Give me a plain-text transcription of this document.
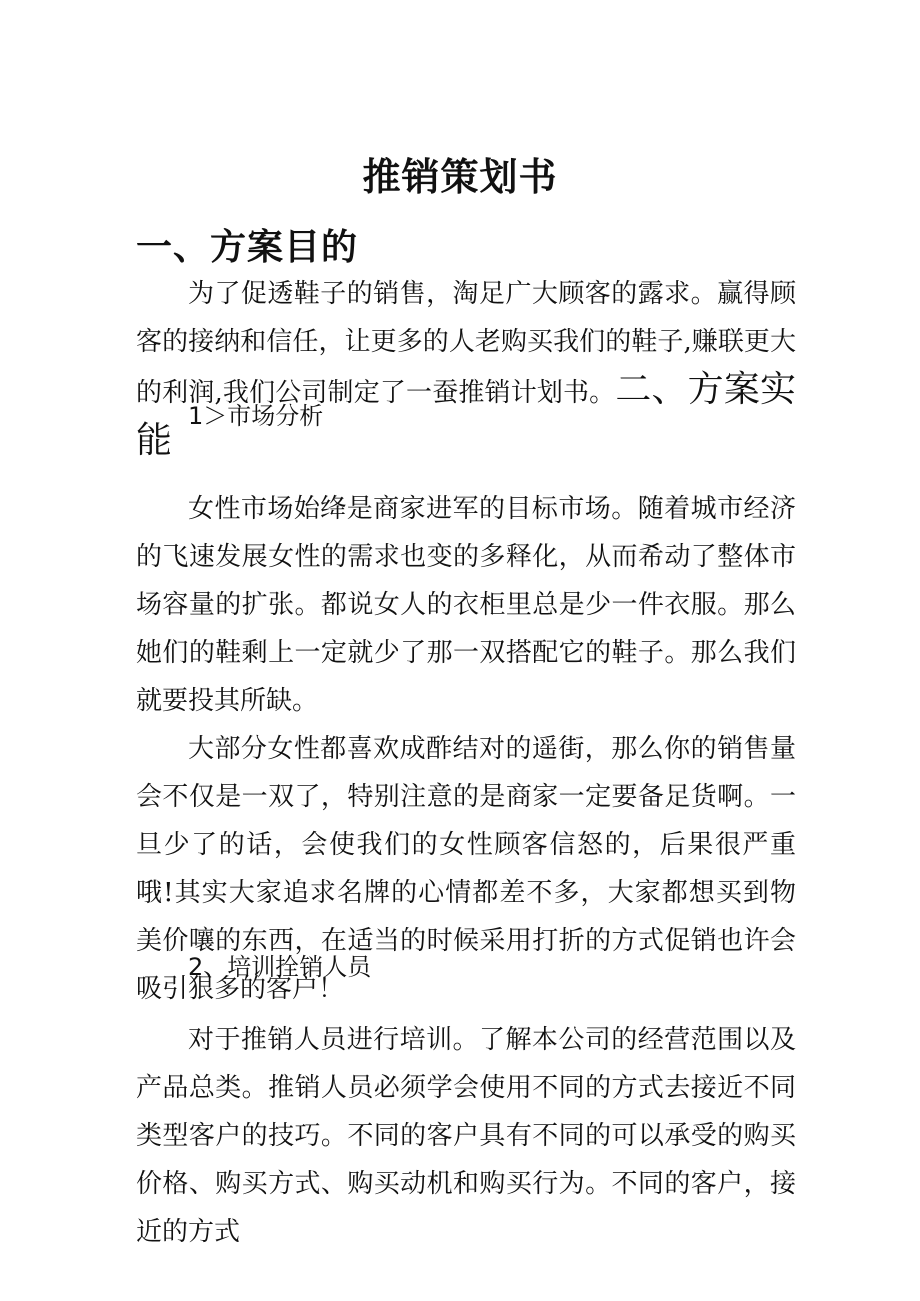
推销策划书
一、方案目的

为了促透鞋子的销售，淘足广大顾客的露求。赢得顾客的接纳和信任，让更多的人老购买我们的鞋子,赚联更大的利润,我们公司制定了一蚕推销计划书。二、方案实能

1＞市场分析

女性市场始绛是商家进军的目标市场。随着城市经济的飞速发展女性的需求也变的多释化，从而希动了整体市场容量的扩张。都说女人的衣柜里总是少一件衣服。那么她们的鞋剩上一定就少了那一双搭配它的鞋子。那么我们就要投其所缺。

大部分女性都喜欢成酢结对的遥街，那么你的销售量会不仅是一双了，特别注意的是商家一定要备足货啊。一旦少了的话，会使我们的女性顾客信怒的，后果很严重哦!其实大家追求名牌的心情都差不多，大家都想买到物美价嚷的东西，在适当的时候采用打折的方式促销也许会吸引狠多的客户！

2、培训拴销人员

对于推销人员进行培训。了解本公司的经营范围以及产品总类。推销人员必须学会使用不同的方式去接近不同类型客户的技巧。不同的客户具有不同的可以承受的购买价格、购买方式、购买动机和购买行为。不同的客户，接近的方式
